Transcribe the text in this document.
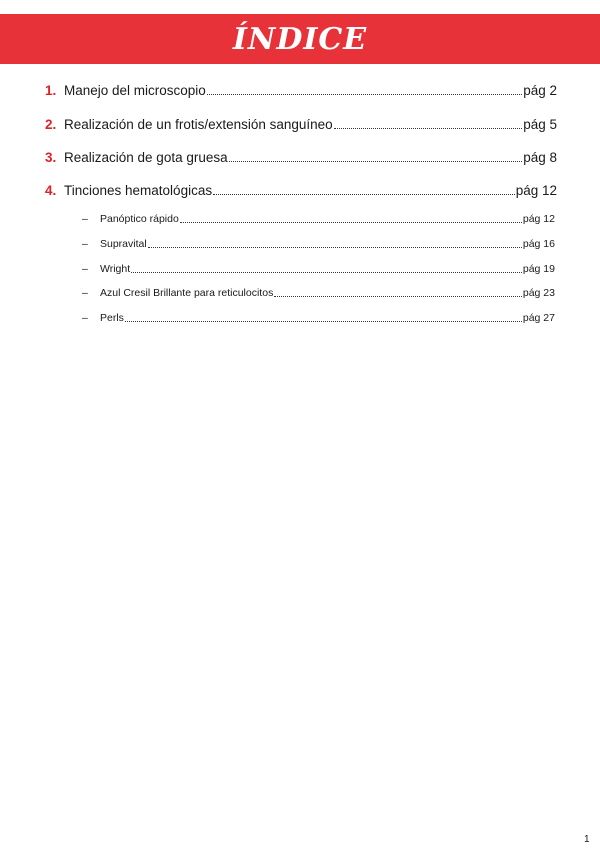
ÍNDICE
1. Manejo del microscopio	pág 2
2. Realización de un frotis/extensión sanguíneo	pág 5
3. Realización de gota gruesa	pág 8
4. Tinciones hematológicas	pág 12
–	Panóptico rápido	pág 12
–	Supravital	pág 16
–	Wright	pág 19
–	Azul Cresil Brillante para reticulocitos	pág 23
–	Perls	pág 27
1
